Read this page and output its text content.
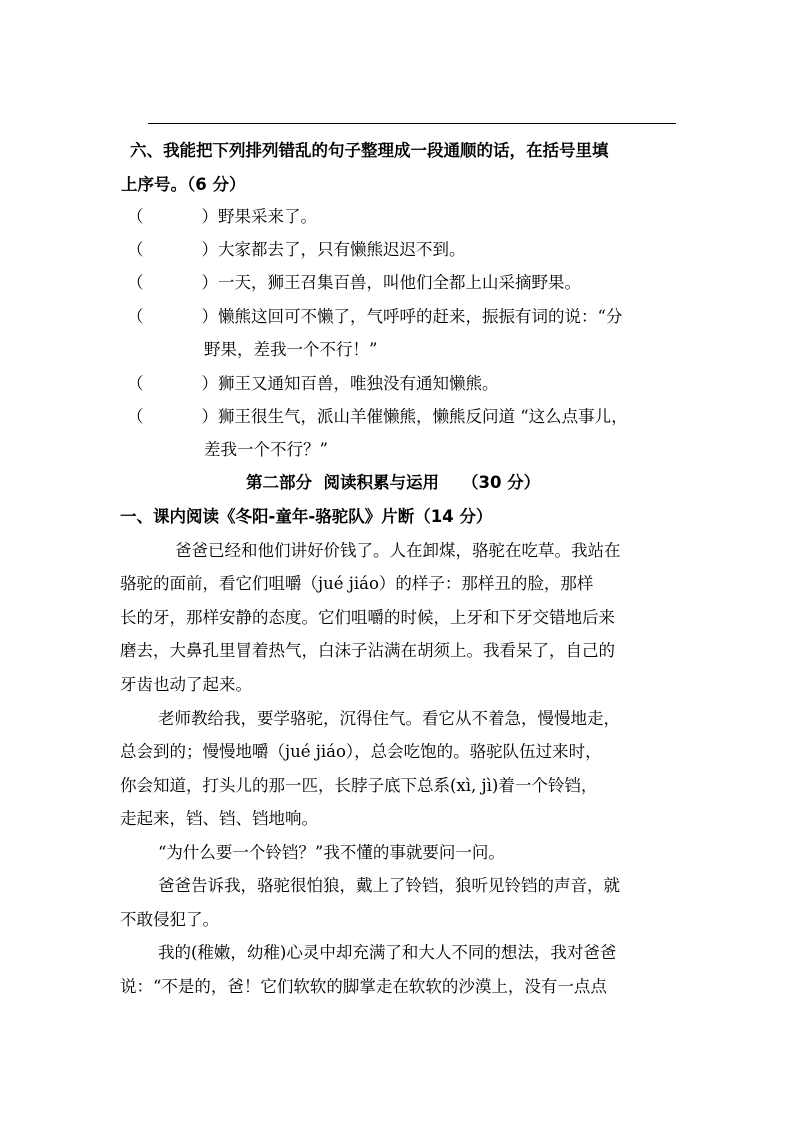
六、我能把下列排列错乱的句子整理成一段通顺的话，在括号里填
上序号。（6 分）
（	）野果采来了。
（	）大家都去了，只有懒熊迟迟不到。
（	）一天，狮王召集百兽，叫他们全都上山采摘野果。
（	）懒熊这回可不懒了，气呼呼的赶来，振振有词的说：“分
野果，差我一个不行！”
（	）狮王又通知百兽，唯独没有通知懒熊。
（	）狮王很生气，派山羊催懒熊，懒熊反问道 “这么点事儿，
差我一个不行？”
第二部分  阅读积累与运用    （30 分）
一、课内阅读《冬阳-童年-骆驼队》片断（14 分）
爸爸已经和他们讲好价钱了。人在卸煤，骆驼在吃草。我站在
骆驼的面前，看它们咀嚼（jué jiáo）的样子：那样丑的脸，那样
长的牙，那样安静的态度。它们咀嚼的时候，上牙和下牙交错地后来
磨去，大鼻孔里冒着热气，白沫子沾满在胡须上。我看呆了，自己的
牙齿也动了起来。
老师教给我，要学骆驼，沉得住气。看它从不着急，慢慢地走，
总会到的；慢慢地嚼（jué jiáo），总会吃饱的。骆驼队伍过来时，
你会知道，打头儿的那一匹，长脖子底下总系(xì, jì)着一个铃铛，
走起来，铛、铛、铛地响。
“为什么要一个铃铛？”我不懂的事就要问一问。
爸爸告诉我，骆驼很怕狼，戴上了铃铛，狼听见铃铛的声音，就
不敢侵犯了。
我的(稚嫩，幼稚)心灵中却充满了和大人不同的想法，我对爸爸
说：“不是的，爸！它们软软的脚掌走在软软的沙漠上，没有一点点
